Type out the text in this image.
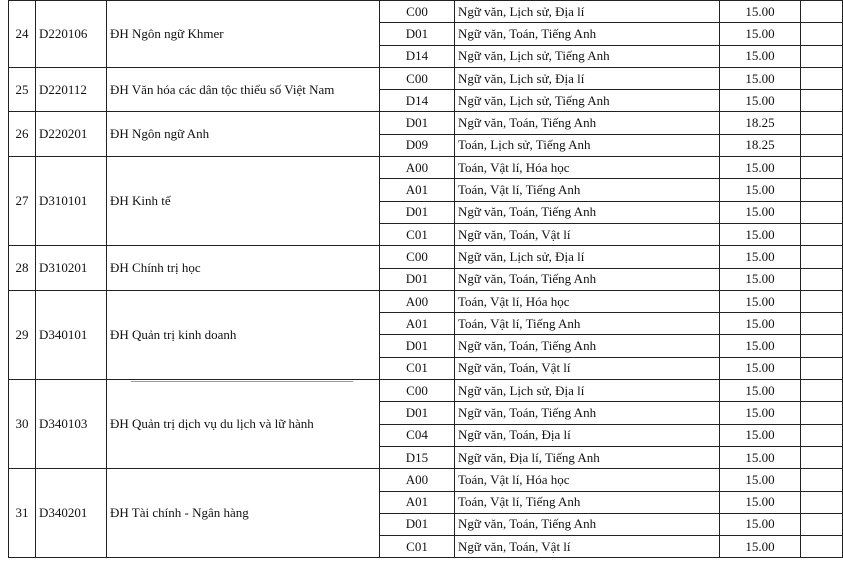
24	D220106	ĐH Ngôn ngữ Khmer	C00	Ngữ văn, Lịch sử, Địa lí	15.00	
			D01	Ngữ văn, Toán, Tiếng Anh	15.00	
			D14	Ngữ văn, Lịch sử, Tiếng Anh	15.00	
25	D220112	ĐH Văn hóa các dân tộc thiểu số Việt Nam	C00	Ngữ văn, Lịch sử, Địa lí	15.00	
			D14	Ngữ văn, Lịch sử, Tiếng Anh	15.00	
26	D220201	ĐH Ngôn ngữ Anh	D01	Ngữ văn, Toán, Tiếng Anh	18.25	
			D09	Toán, Lịch sử, Tiếng Anh	18.25	
27	D310101	ĐH Kinh tế	A00	Toán, Vật lí, Hóa học	15.00	
			A01	Toán, Vật lí, Tiếng Anh	15.00	
			D01	Ngữ văn, Toán, Tiếng Anh	15.00	
			C01	Ngữ văn, Toán, Vật lí	15.00	
28	D310201	ĐH Chính trị học	C00	Ngữ văn, Lịch sử, Địa lí	15.00	
			D01	Ngữ văn, Toán, Tiếng Anh	15.00	
29	D340101	ĐH Quản trị kinh doanh	A00	Toán, Vật lí, Hóa học	15.00	
			A01	Toán, Vật lí, Tiếng Anh	15.00	
			D01	Ngữ văn, Toán, Tiếng Anh	15.00	
			C01	Ngữ văn, Toán, Vật lí	15.00	
30	D340103	ĐH Quản trị dịch vụ du lịch và lữ hành	C00	Ngữ văn, Lịch sử, Địa lí	15.00	
			D01	Ngữ văn, Toán, Tiếng Anh	15.00	
			C04	Ngữ văn, Toán, Địa lí	15.00	
			D15	Ngữ văn, Địa lí, Tiếng Anh	15.00	
31	D340201	ĐH Tài chính - Ngân hàng	A00	Toán, Vật lí, Hóa học	15.00	
			A01	Toán, Vật lí, Tiếng Anh	15.00	
			D01	Ngữ văn, Toán, Tiếng Anh	15.00	
			C01	Ngữ văn, Toán, Vật lí	15.00	
